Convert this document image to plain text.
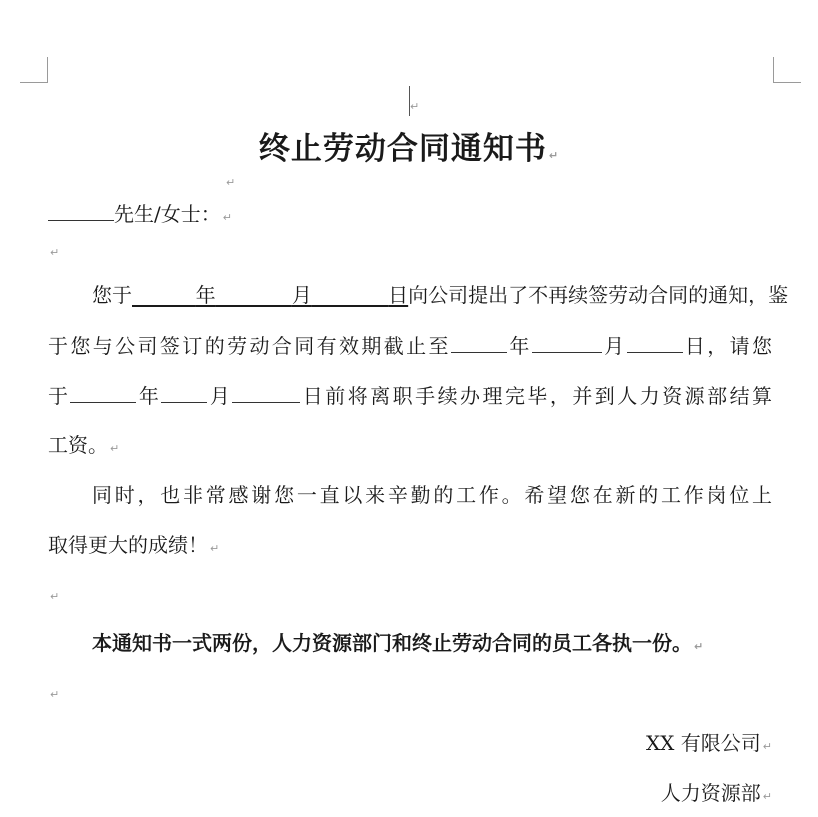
↵
终止劳动合同通知书 ↵
↵
先生/女士： ↵
↵
您于	年	月	日向公司提出了不再续签劳动合同的通知，鉴
于您与公司签订的劳动合同有效期截止至	年	月	日，请您
于	年 月	日前将离职手续办理完毕，并到人力资源部结算
工资。 ↵
同时，也非常感谢您一直以来辛勤的工作。希望您在新的工作岗位上
取得更大的成绩！ ↵
↵
本通知书一式两份，人力资源部门和终止劳动合同的员工各执一份。 ↵
↵
XX 有限公司 ↵
人力资源部 ↵
